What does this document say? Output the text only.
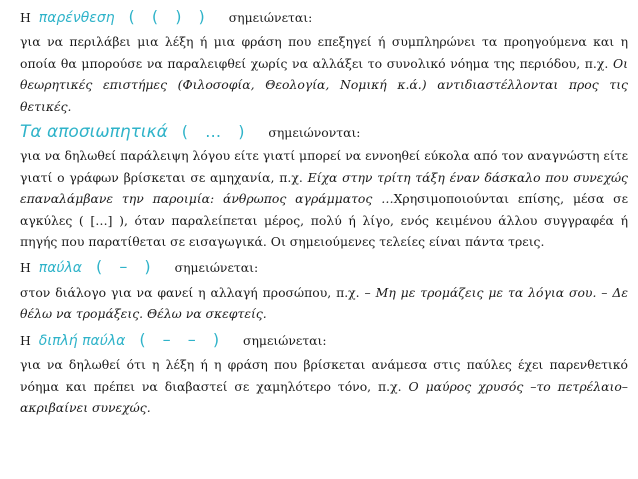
Η παρένθεση ( ( ) ) σημειώνεται:

για να περιλάβει μια λέξη ή μια φράση που επεξηγεί ή συμπληρώνει τα προηγούμενα και η οποία θα μπορούσε να παραλειφθεί χωρίς να αλλάξει το συνολικό νόημα της περιόδου, π.χ. Οι θεωρητικές επιστήμες (Φιλοσοφία, Θεολογία, Νομική κ.ά.) αντιδιαστέλλονται προς τις θετικές.

Τα αποσιωπητικά ( … ) σημειώνονται:

για να δηλωθεί παράλειψη λόγου είτε γιατί μπορεί να εννοηθεί εύκολα από τον αναγνώστη είτε γιατί ο γράφων βρίσκεται σε αμηχανία, π.χ. Είχα στην τρίτη τάξη έναν δάσκαλο που συνεχώς επαναλάμβανε την παροιμία: άνθρωπος αγράμματος …Χρησιμοποιούνται επίσης, μέσα σε αγκύλες ( […] ), όταν παραλείπεται μέρος, πολύ ή λίγο, ενός κειμένου άλλου συγγραφέα ή πηγής που παρατίθεται σε εισαγωγικά. Οι σημειούμενες τελείες είναι πάντα τρεις.

Η παύλα ( – ) σημειώνεται:

στον διάλογο για να φανεί η αλλαγή προσώπου, π.χ. – Μη με τρομάζεις με τα λόγια σου. – Δε θέλω να τρομάξεις. Θέλω να σκεφτείς.

Η διπλή παύλα ( – – ) σημειώνεται:

για να δηλωθεί ότι η λέξη ή η φράση που βρίσκεται ανάμεσα στις παύλες έχει παρενθετικό νόημα και πρέπει να διαβαστεί σε χαμηλότερο τόνο, π.χ. Ο μαύρος χρυσός –το πετρέλαιο– ακριβαίνει συνεχώς.
